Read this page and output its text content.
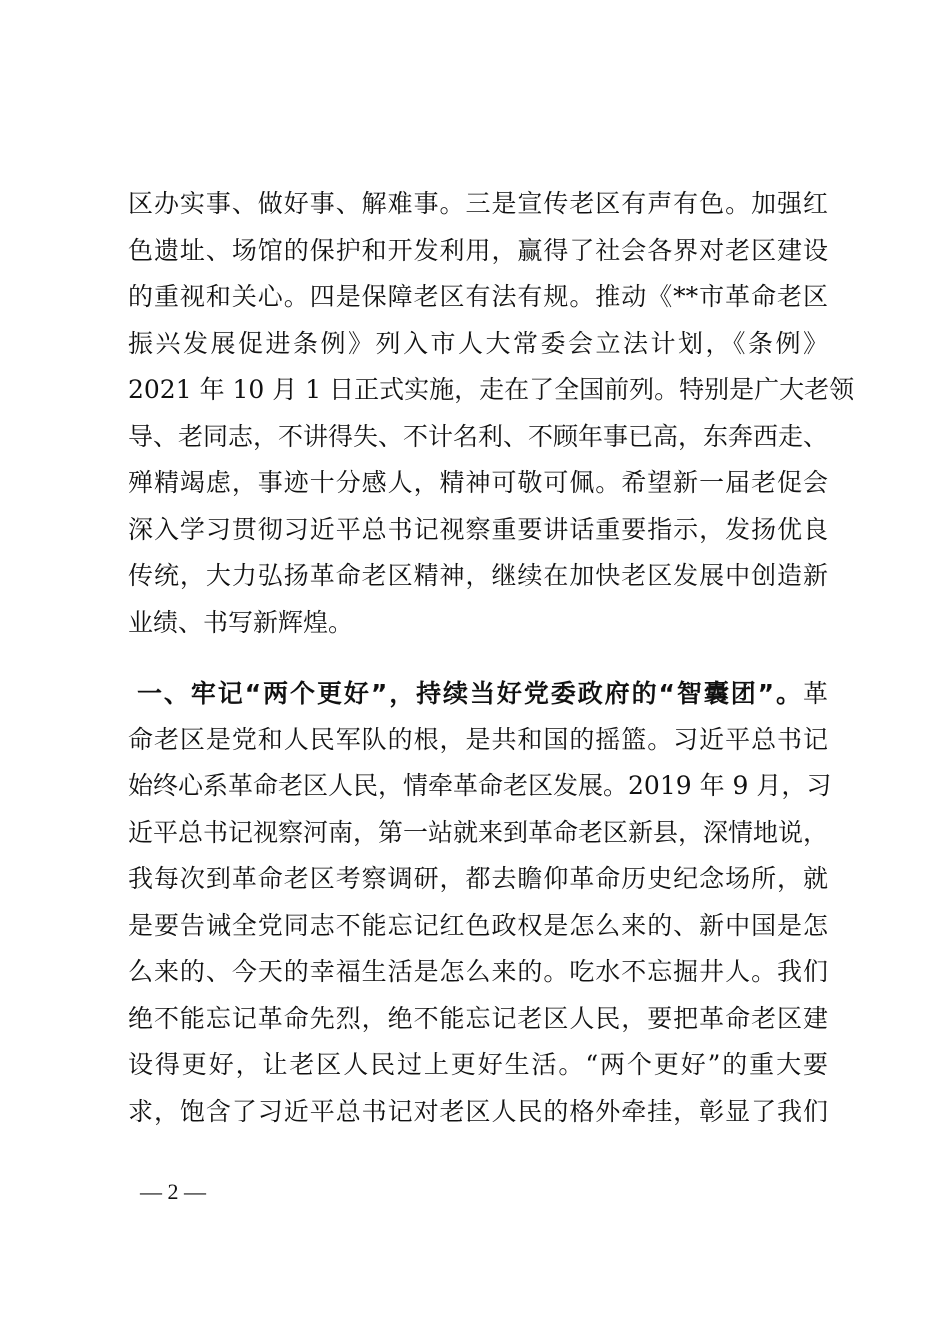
区办实事、做好事、解难事。三是宣传老区有声有色。加强红
色遗址、场馆的保护和开发利用，赢得了社会各界对老区建设
的重视和关心。四是保障老区有法有规。推动《**市革命老区
振兴发展促进条例》列入市人大常委会立法计划，《条例》
2021 年 10 月 1 日正式实施，走在了全国前列。特别是广大老领
导、老同志，不讲得失、不计名利、不顾年事已高，东奔西走、
殚精竭虑，事迹十分感人，精神可敬可佩。希望新一届老促会
深入学习贯彻习近平总书记视察重要讲话重要指示，发扬优良
传统，大力弘扬革命老区精神，继续在加快老区发展中创造新
业绩、书写新辉煌。
一、牢记“两个更好”，持续当好党委政府的“智囊团”。革
命老区是党和人民军队的根，是共和国的摇篮。习近平总书记
始终心系革命老区人民，情牵革命老区发展。2019 年 9 月，习
近平总书记视察河南，第一站就来到革命老区新县，深情地说，
我每次到革命老区考察调研，都去瞻仰革命历史纪念场所，就
是要告诫全党同志不能忘记红色政权是怎么来的、新中国是怎
么来的、今天的幸福生活是怎么来的。吃水不忘掘井人。我们
绝不能忘记革命先烈，绝不能忘记老区人民，要把革命老区建
设得更好，让老区人民过上更好生活。“两个更好”的重大要
求，饱含了习近平总书记对老区人民的格外牵挂，彰显了我们
— 2 —
